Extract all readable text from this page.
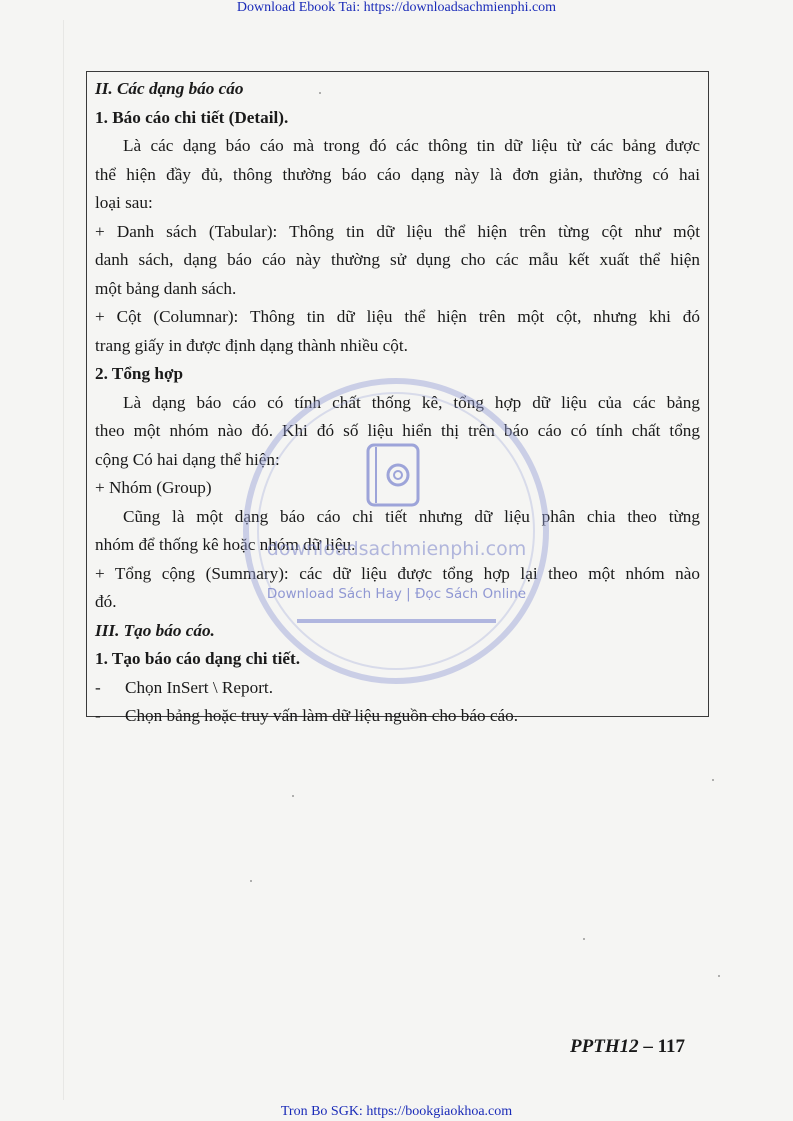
Download Ebook Tai: https://downloadsachmienphi.com
II. Các dạng báo cáo
1. Báo cáo chi tiết (Detail).
Là các dạng báo cáo mà trong đó các thông tin dữ liệu từ các bảng được
thể hiện đầy đủ, thông thường báo cáo dạng này là đơn giản, thường có hai
loại sau:
+ Danh sách (Tabular): Thông tin dữ liệu thể hiện trên từng cột như một
danh sách, dạng báo cáo này thường sử dụng cho các mẫu kết xuất thể hiện
một bảng danh sách.
+ Cột (Columnar): Thông tin dữ liệu thể hiện trên một cột, nhưng khi đó
trang giấy in được định dạng thành nhiều cột.
2. Tổng hợp
Là dạng báo cáo có tính chất thống kê, tổng hợp dữ liệu của các bảng
theo một nhóm nào đó. Khi đó số liệu hiển thị trên báo cáo có tính chất tổng
cộng Có hai dạng thể hiện:
+ Nhóm (Group)
Cũng là một dạng báo cáo chi tiết nhưng dữ liệu phân chia theo từng
nhóm để thống kê hoặc nhóm dữ liệu.
+ Tổng cộng (Summary): các dữ liệu được tổng hợp lại theo một nhóm nào
đó.
III. Tạo báo cáo.
1. Tạo báo cáo dạng chi tiết.
- Chọn InSert \ Report.
- Chọn bảng hoặc truy vấn làm dữ liệu nguồn cho báo cáo.
downloadsachmienphi.com
Download Sách Hay | Đọc Sách Online
PPTH12 – 117
Tron Bo SGK: https://bookgiaokhoa.com
